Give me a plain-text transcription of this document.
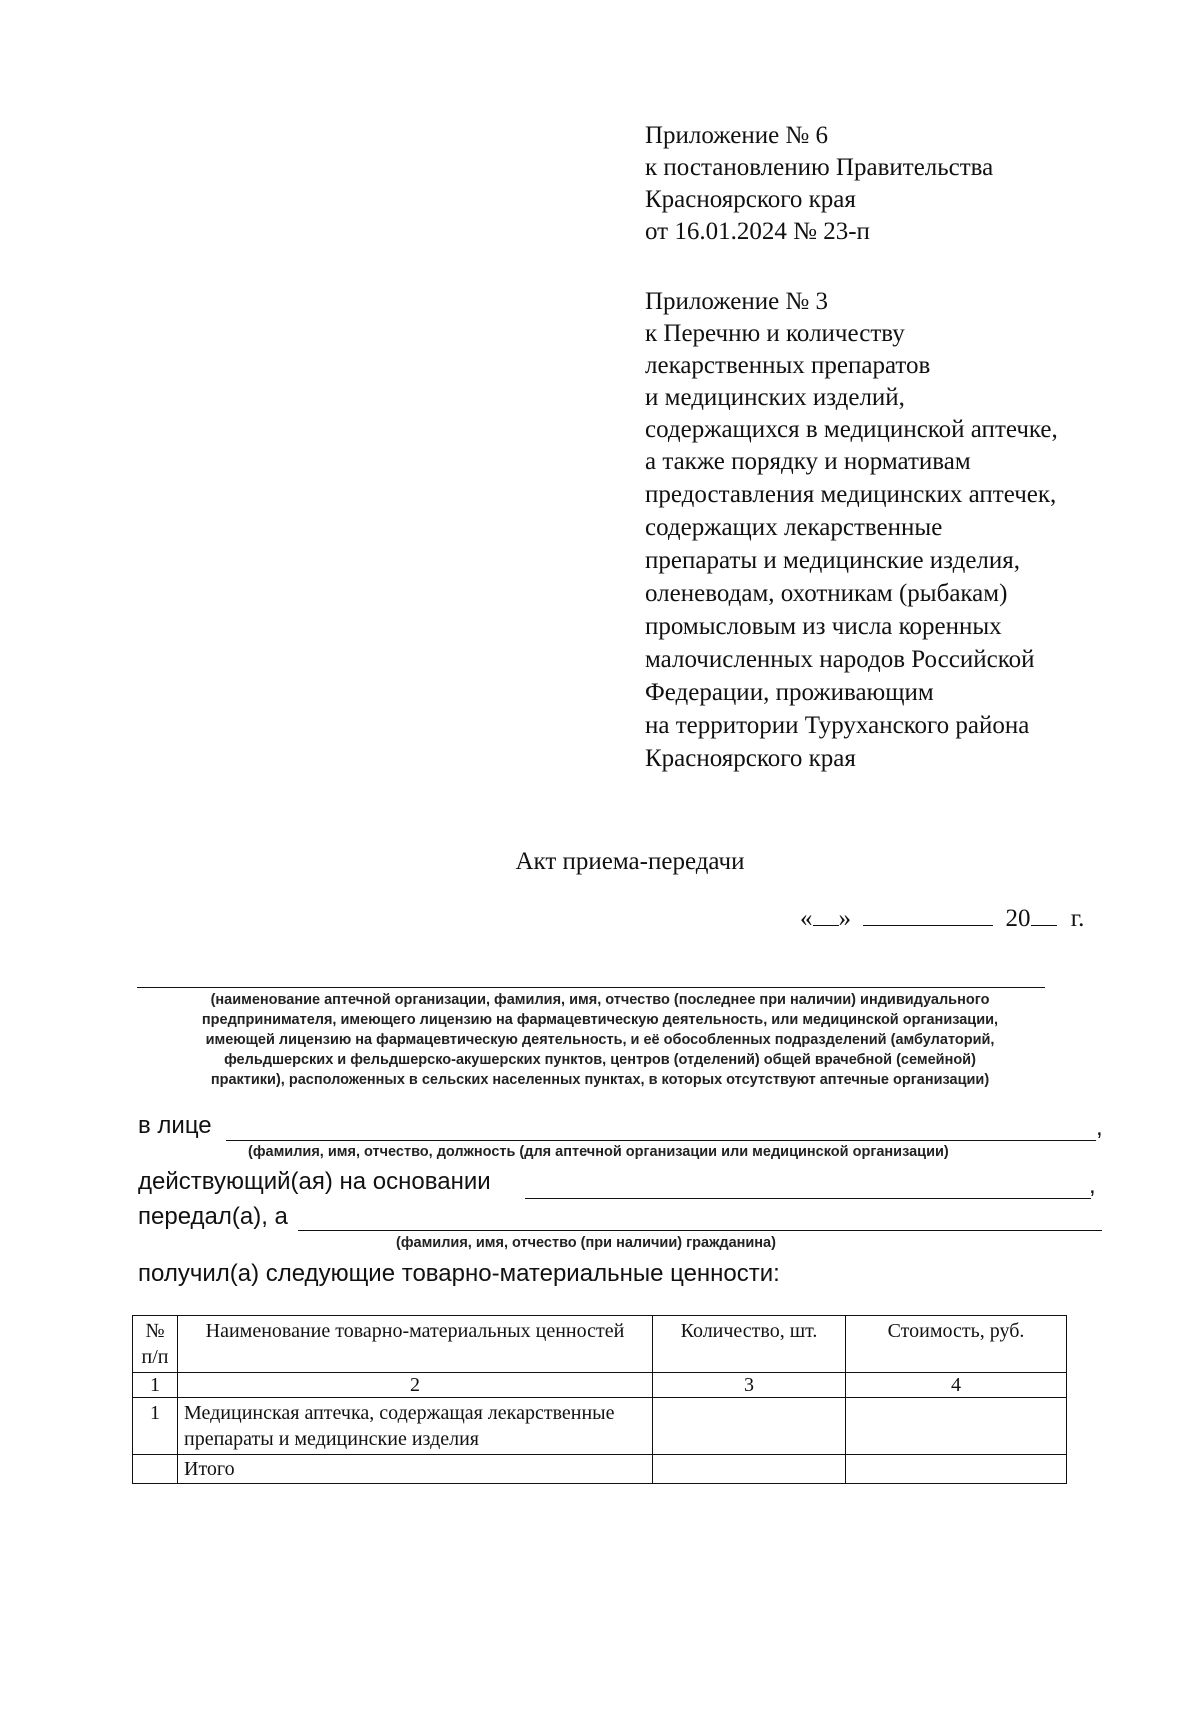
Приложение № 6
к постановлению Правительства
Красноярского края
от 16.01.2024 № 23-п
Приложение № 3
к Перечню и количеству
лекарственных препаратов
и медицинских изделий,
содержащихся в медицинской аптечке,
а также порядку и нормативам
предоставления медицинских аптечек,
содержащих лекарственные
препараты и медицинские изделия,
оленеводам, охотникам (рыбакам)
промысловым из числа коренных
малочисленных народов Российской
Федерации, проживающим
на территории Туруханского района
Красноярского края
Акт приема-передачи
« »	20 г.
(наименование аптечной организации, фамилия, имя, отчество (последнее при наличии) индивидуального
предпринимателя, имеющего лицензию на фармацевтическую деятельность, или медицинской организации,
имеющей лицензию на фармацевтическую деятельность, и её обособленных подразделений (амбулаторий,
фельдшерских и фельдшерско-акушерских пунктов, центров (отделений) общей врачебной (семейной)
практики), расположенных в сельских населенных пунктах, в которых отсутствуют аптечные организации)
в лице	,
(фамилия, имя, отчество, должность (для аптечной организации или медицинской организации)
действующий(ая) на основании	,
передал(а), а
(фамилия, имя, отчество (при наличии) гражданина)
получил(а) следующие товарно-материальные ценности:
№
п/п	Наименование товарно-материальных ценностей	Количество, шт.	Стоимость, руб.
1	2	3	4
1	Медицинская аптечка, содержащая лекарственные препараты и медицинские изделия		
	Итого		
